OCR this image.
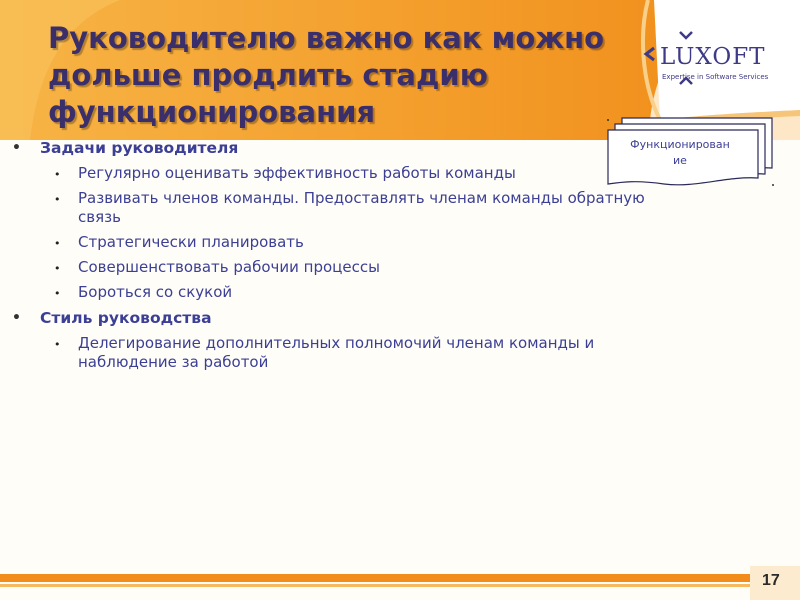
Руководителю важно как можно
дольше продлить стадию
функционирования
LUXOFT
Expertise in Software Services
• Задачи руководителя
• Регулярно оценивать эффективность работы команды
• Развивать членов команды. Предоставлять членам команды обратную связь
• Стратегически планировать
• Совершенствовать рабочии процессы
• Бороться со скукой
• Стиль руководства
• Делегирование дополнительных полномочий членам команды и наблюдение за работой
Функционирован
ие
17
